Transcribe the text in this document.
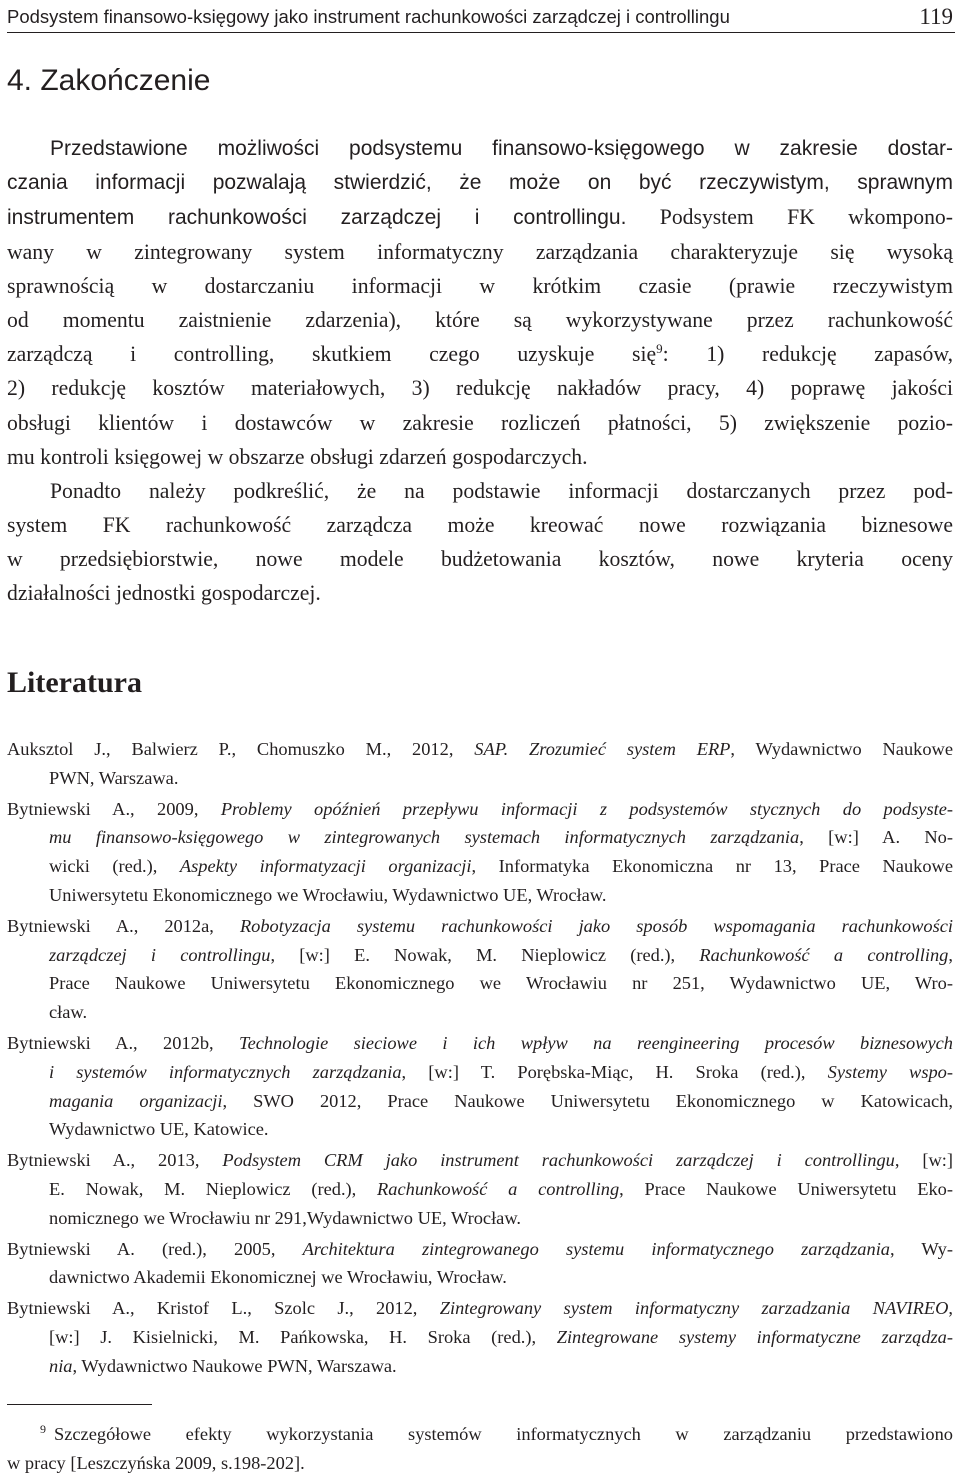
Podsystem finansowo-księgowy jako instrument rachunkowości zarządczej i controllingu	119
4. Zakończenie
Przedstawione możliwości podsystemu finansowo-księgowego w zakresie dostar-
czania informacji pozwalają stwierdzić, że może on być rzeczywistym, sprawnym
instrumentem rachunkowości zarządczej i controllingu. Podsystem FK wkompono-
wany w zintegrowany system informatyczny zarządzania charakteryzuje się wysoką
sprawnością w dostarczaniu informacji w krótkim czasie (prawie rzeczywistym
od momentu zaistnienie zdarzenia), które są wykorzystywane przez rachunkowość
zarządczą i controlling, skutkiem czego uzyskuje się$^9$: 1) redukcję zapasów,
2) redukcję kosztów materiałowych, 3) redukcję nakładów pracy, 4) poprawę jakości
obsługi klientów i dostawców w zakresie rozliczeń płatności, 5) zwiększenie pozio-
mu kontroli księgowej w obszarze obsługi zdarzeń gospodarczych.
Ponadto należy podkreślić, że na podstawie informacji dostarczanych przez pod-
system FK rachunkowość zarządcza może kreować nowe rozwiązania biznesowe
w przedsiębiorstwie, nowe modele budżetowania kosztów, nowe kryteria oceny
działalności jednostki gospodarczej.
Literatura
Auksztol J., Balwierz P., Chomuszko M., 2012, SAP. Zrozumieć system ERP, Wydawnictwo Naukowe
PWN, Warszawa.
Bytniewski A., 2009, Problemy opóźnień przepływu informacji z podsystemów stycznych do podsyste-
mu finansowo-księgowego w zintegrowanych systemach informatycznych zarządzania, [w:] A. No-
wicki (red.), Aspekty informatyzacji organizacji, Informatyka Ekonomiczna nr 13, Prace Naukowe
Uniwersytetu Ekonomicznego we Wrocławiu, Wydawnictwo UE, Wrocław.
Bytniewski A., 2012a, Robotyzacja systemu rachunkowości jako sposób wspomagania rachunkowości
zarządczej i controllingu, [w:] E. Nowak, M. Nieplowicz (red.), Rachunkowość a controlling,
Prace Naukowe Uniwersytetu Ekonomicznego we Wrocławiu nr 251, Wydawnictwo UE, Wro-
cław.
Bytniewski A., 2012b, Technologie sieciowe i ich wpływ na reengineering procesów biznesowych
i systemów informatycznych zarządzania, [w:] T. Porębska-Miąc, H. Sroka (red.), Systemy wspo-
magania organizacji, SWO 2012, Prace Naukowe Uniwersytetu Ekonomicznego w Katowicach,
Wydawnictwo UE, Katowice.
Bytniewski A., 2013, Podsystem CRM jako instrument rachunkowości zarządczej i controllingu, [w:]
E. Nowak, M. Nieplowicz (red.), Rachunkowość a controlling, Prace Naukowe Uniwersytetu Eko-
nomicznego we Wrocławiu nr 291,Wydawnictwo UE, Wrocław.
Bytniewski A. (red.), 2005, Architektura zintegrowanego systemu informatycznego zarządzania, Wy-
dawnictwo Akademii Ekonomicznej we Wrocławiu, Wrocław.
Bytniewski A., Kristof L., Szolc J., 2012, Zintegrowany system informatyczny zarzadzania NAVIREO,
[w:] J. Kisielnicki, M. Pańkowska, H. Sroka (red.), Zintegrowane systemy informatyczne zarządza-
nia, Wydawnictwo Naukowe PWN, Warszawa.
$^9$ Szczegółowe efekty wykorzystania systemów informatycznych w zarządzaniu przedstawiono
w pracy [Leszczyńska 2009, s.198-202].
